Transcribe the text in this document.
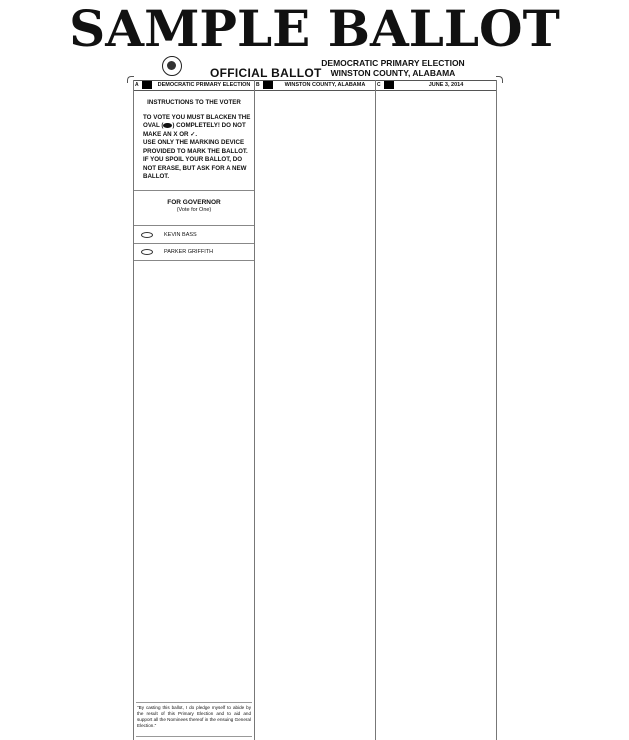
SAMPLE BALLOT
OFFICIAL BALLOT
DEMOCRATIC PRIMARY ELECTION
WINSTON COUNTY, ALABAMA
A	DEMOCRATIC PRIMARY ELECTION	B	WINSTON COUNTY, ALABAMA	C	JUNE 3, 2014
INSTRUCTIONS TO THE VOTER
TO VOTE YOU MUST BLACKEN THE OVAL ( ) COMPLETELY! DO NOT MAKE AN X OR ✓.
USE ONLY THE MARKING DEVICE PROVIDED TO MARK THE BALLOT.
IF YOU SPOIL YOUR BALLOT, DO NOT ERASE, BUT ASK FOR A NEW BALLOT.
FOR GOVERNOR
(Vote for One)
KEVIN BASS
PARKER GRIFFITH
"By casting this ballot, I do pledge myself to abide by the result of this Primary Election and to aid and support all the Nominees thereof in the ensuing General Election."
